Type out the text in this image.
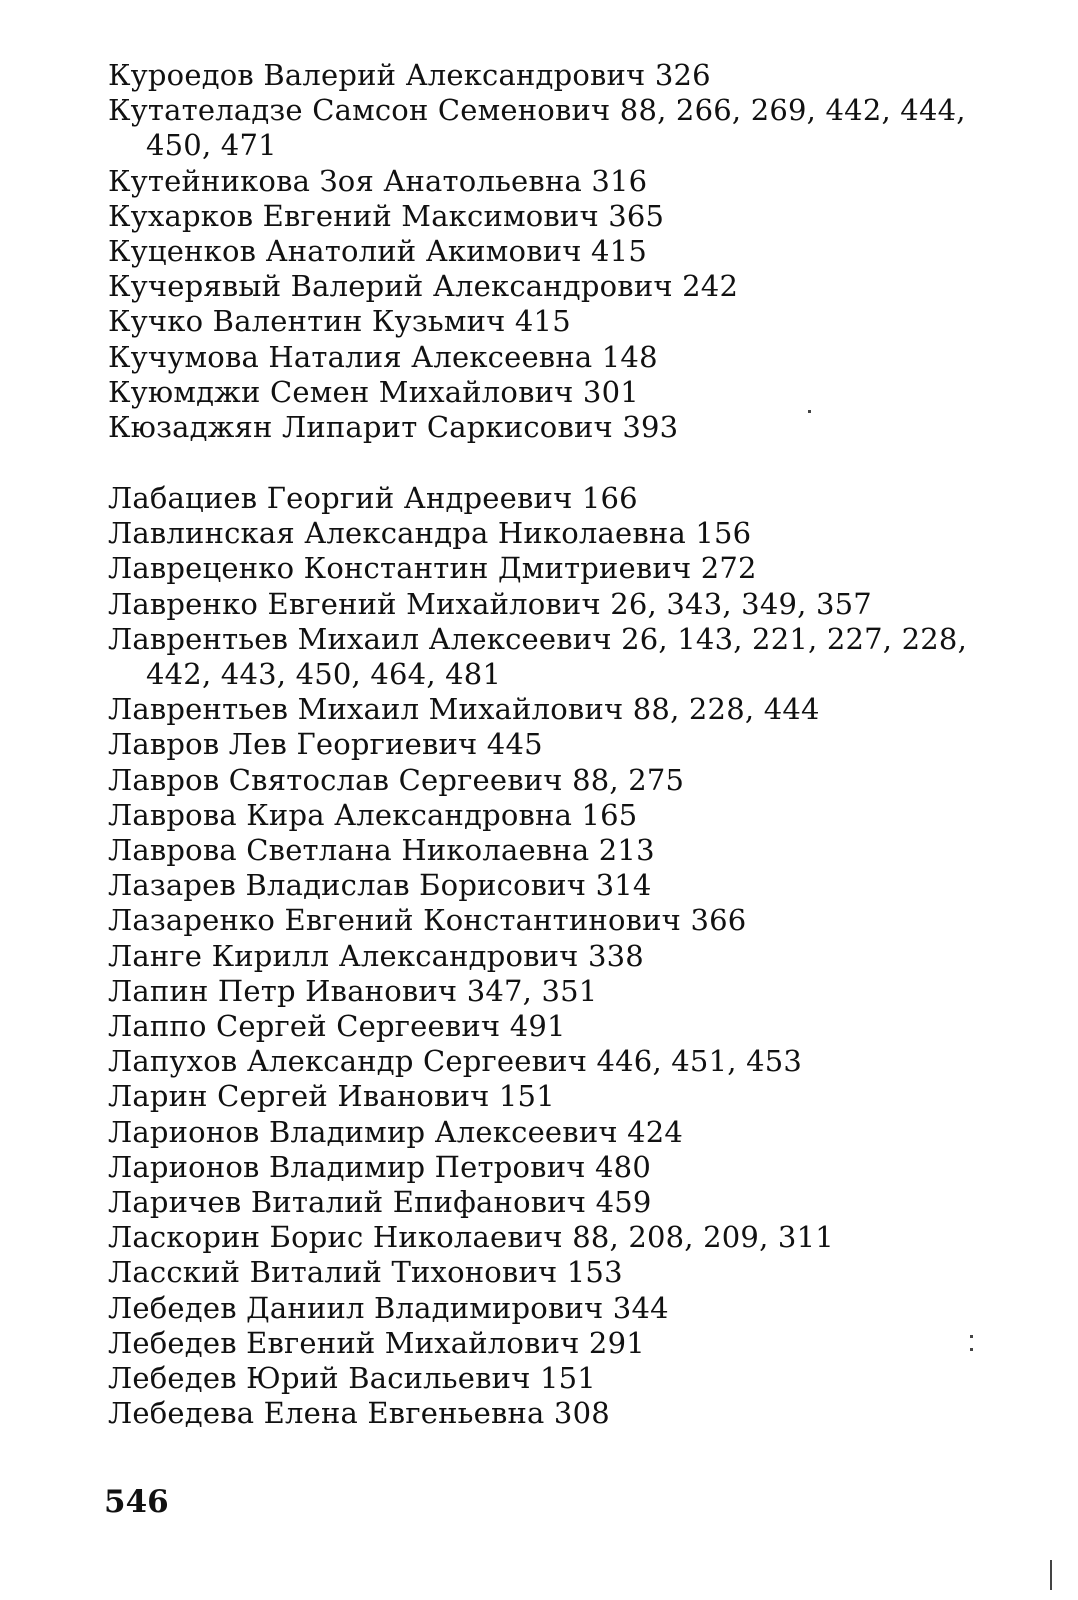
Куроедов Валерий Александрович 326
Кутателадзе Самсон Семенович 88, 266, 269, 442, 444,
450, 471
Кутейникова Зоя Анатольевна 316
Кухарков Евгений Максимович 365
Куценков Анатолий Акимович 415
Кучерявый Валерий Александрович 242
Кучко Валентин Кузьмич 415
Кучумова Наталия Алексеевна 148
Куюмджи Семен Михайлович 301
Кюзаджян Липарит Саркисович 393
Лабациев Георгий Андреевич 166
Лавлинская Александра Николаевна 156
Лавреценко Константин Дмитриевич 272
Лавренко Евгений Михайлович 26, 343, 349, 357
Лаврентьев Михаил Алексеевич 26, 143, 221, 227, 228,
442, 443, 450, 464, 481
Лаврентьев Михаил Михайлович 88, 228, 444
Лавров Лев Георгиевич 445
Лавров Святослав Сергеевич 88, 275
Лаврова Кира Александровна 165
Лаврова Светлана Николаевна 213
Лазарев Владислав Борисович 314
Лазаренко Евгений Константинович 366
Ланге Кирилл Александрович 338
Лапин Петр Иванович 347, 351
Лаппо Сергей Сергеевич 491
Лапухов Александр Сергеевич 446, 451, 453
Ларин Сергей Иванович 151
Ларионов Владимир Алексеевич 424
Ларионов Владимир Петрович 480
Ларичев Виталий Епифанович 459
Ласкорин Борис Николаевич 88, 208, 209, 311
Ласский Виталий Тихонович 153
Лебедев Даниил Владимирович 344
Лебедев Евгений Михайлович 291
Лебедев Юрий Васильевич 151
Лебедева Елена Евгеньевна 308
546
